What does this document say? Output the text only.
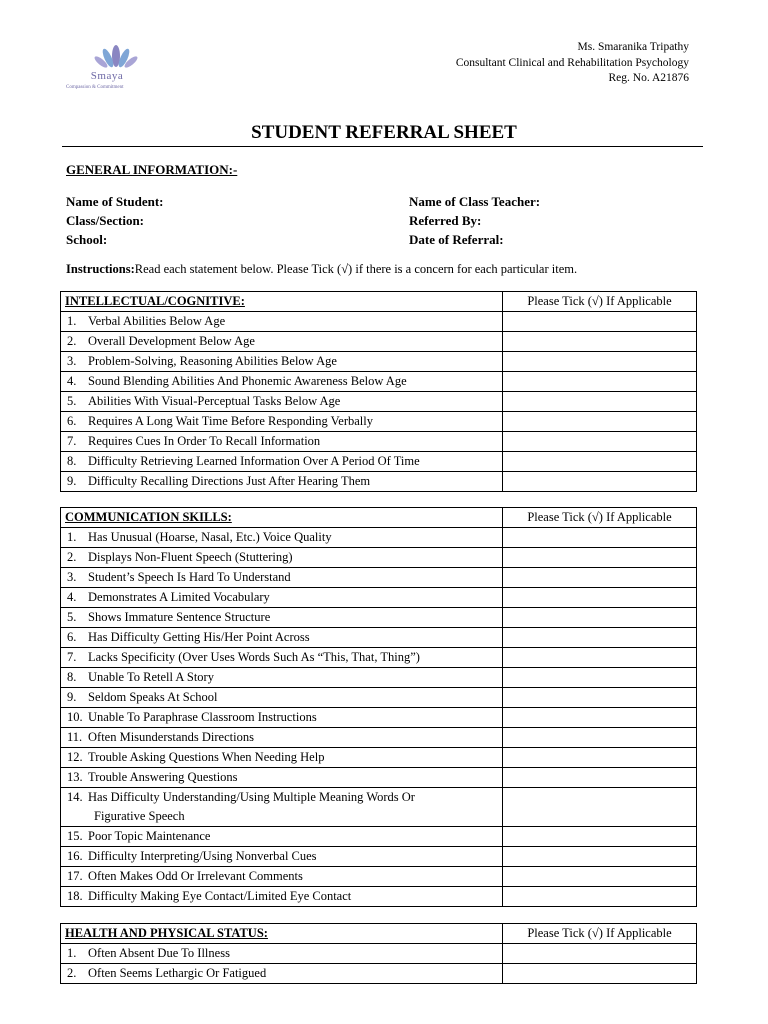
Smaya
Compassion & Commitment
Ms. Smaranika Tripathy
Consultant Clinical and Rehabilitation Psychology
Reg. No. A21876
STUDENT REFERRAL SHEET
GENERAL INFORMATION:-
Name of Student:
Class/Section:
School:
Name of Class Teacher:
Referred By:
Date of Referral:
Instructions:Read each statement below. Please Tick (√) if there is a concern for each particular item.
INTELLECTUAL/COGNITIVE:	Please Tick (√) If Applicable
1. Verbal Abilities Below Age	
2. Overall Development Below Age	
3. Problem-Solving, Reasoning Abilities Below Age	
4. Sound Blending Abilities And Phonemic Awareness Below Age	
5. Abilities With Visual-Perceptual Tasks Below Age	
6. Requires A Long Wait Time Before Responding Verbally	
7. Requires Cues In Order To Recall Information	
8. Difficulty Retrieving Learned Information Over A Period Of Time	
9. Difficulty Recalling Directions Just After Hearing Them	
COMMUNICATION SKILLS:	Please Tick (√) If Applicable
1. Has Unusual (Hoarse, Nasal, Etc.) Voice Quality	
2. Displays Non-Fluent Speech (Stuttering)	
3. Student’s Speech Is Hard To Understand	
4. Demonstrates A Limited Vocabulary	
5. Shows Immature Sentence Structure	
6. Has Difficulty Getting His/Her Point Across	
7. Lacks Specificity (Over Uses Words Such As “This, That, Thing”)	
8. Unable To Retell A Story	
9. Seldom Speaks At School	
10. Unable To Paraphrase Classroom Instructions	
11. Often Misunderstands Directions	
12. Trouble Asking Questions When Needing Help	
13. Trouble Answering Questions	
14. Has Difficulty Understanding/Using Multiple Meaning Words Or
Figurative Speech	

15. Poor Topic Maintenance	
16. Difficulty Interpreting/Using Nonverbal Cues	
17. Often Makes Odd Or Irrelevant Comments	
18. Difficulty Making Eye Contact/Limited Eye Contact	
HEALTH AND PHYSICAL STATUS:	Please Tick (√) If Applicable
1. Often Absent Due To Illness	
2. Often Seems Lethargic Or Fatigued	
